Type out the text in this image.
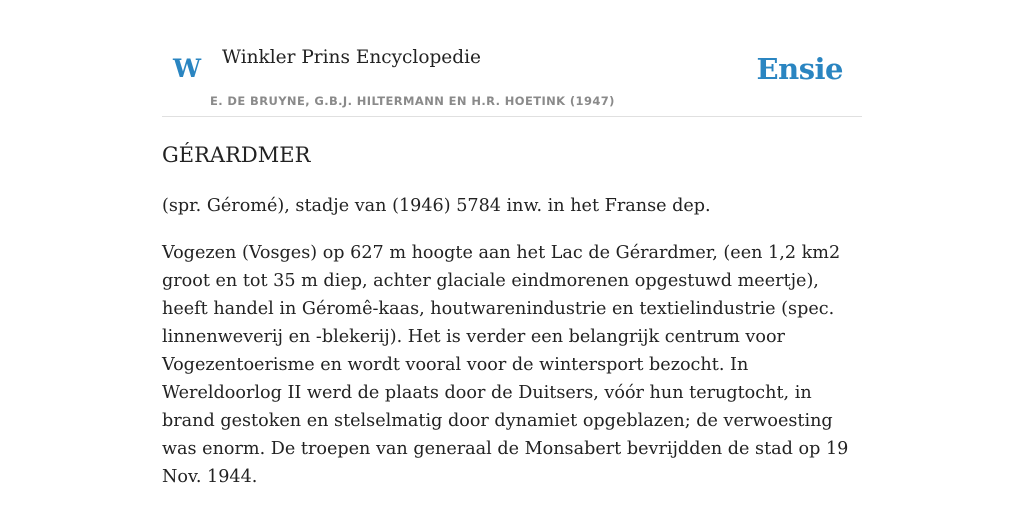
W Winkler Prins Encyclopedie
E. DE BRUYNE, G.B.J. HILTERMANN EN H.R. HOETINK (1947)
Ensie
GÉRARDMER

(spr. Géromé), stadje van (1946) 5784 inw. in het Franse dep.

Vogezen (Vosges) op 627 m hoogte aan het Lac de Gérardmer, (een 1,2 km2 groot en tot 35 m diep, achter glaciale eindmorenen opgestuwd meertje), heeft handel in Géromê-kaas, houtwarenindustrie en textielindustrie (spec. linnenweverij en -blekerij). Het is verder een belangrijk centrum voor Vogezentoerisme en wordt vooral voor de wintersport bezocht. In Wereldoorlog II werd de plaats door de Duitsers, vóór hun terugtocht, in brand gestoken en stelselmatig door dynamiet opgeblazen; de verwoesting was enorm. De troepen van generaal de Monsabert bevrijdden de stad op 19 Nov. 1944.
